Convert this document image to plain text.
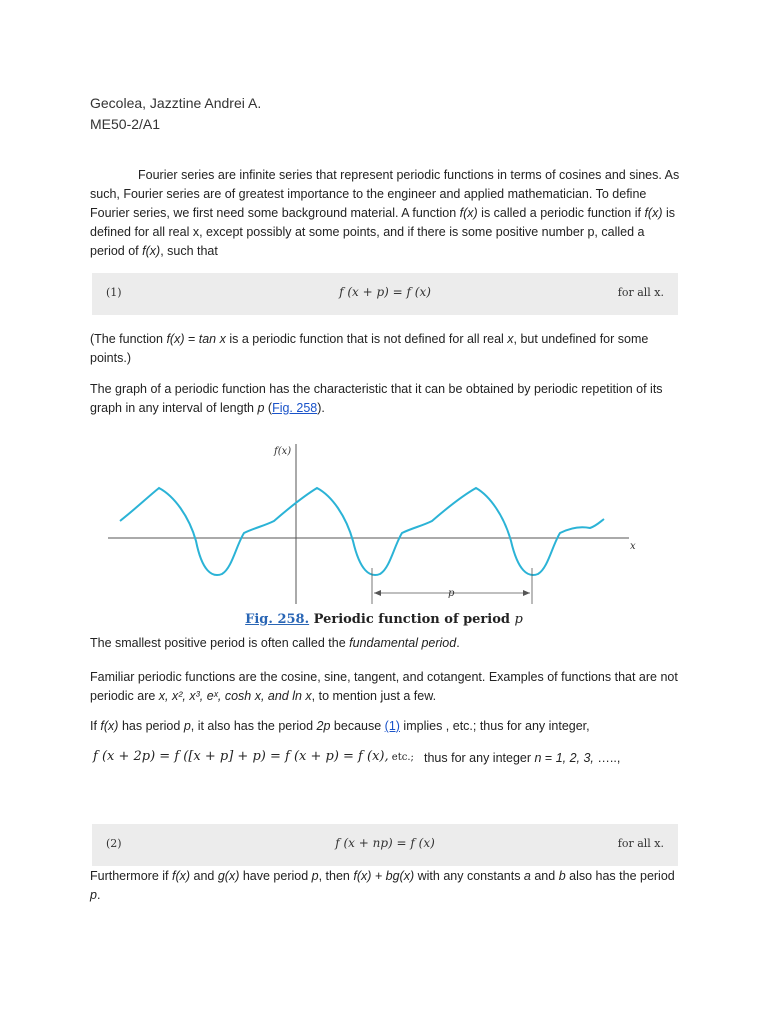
Gecolea, Jazztine Andrei A.
ME50-2/A1
Fourier series are infinite series that represent periodic functions in terms of cosines and sines. As such, Fourier series are of greatest importance to the engineer and applied mathematician. To define Fourier series, we first need some background material. A function f(x) is called a periodic function if f(x) is defined for all real x, except possibly at some points, and if there is some positive number p, called a period of f(x), such that
(1)	f (x + p) = f (x)	for all x.
(The function f(x) = tan x is a periodic function that is not defined for all real x, but undefined for some points.)
The graph of a periodic function has the characteristic that it can be obtained by periodic repetition of its graph in any interval of length p (Fig. 258).
f(x)
x
p
Fig. 258. Periodic function of period p
The smallest positive period is often called the fundamental period.
Familiar periodic functions are the cosine, sine, tangent, and cotangent. Examples of functions that are not periodic are x, x², x³, eˣ, cosh x, and ln x, to mention just a few.
If f(x) has period p, it also has the period 2p because (1) implies , etc.; thus for any integer,
f (x + 2p) = f ([x + p] + p) = f (x + p) = f (x), etc.; thus for any integer n = 1, 2, 3, …..,
(2)	f (x + np) = f (x)	for all x.
Furthermore if f(x) and g(x) have period p, then f(x) + bg(x) with any constants a and b also has the period p.
